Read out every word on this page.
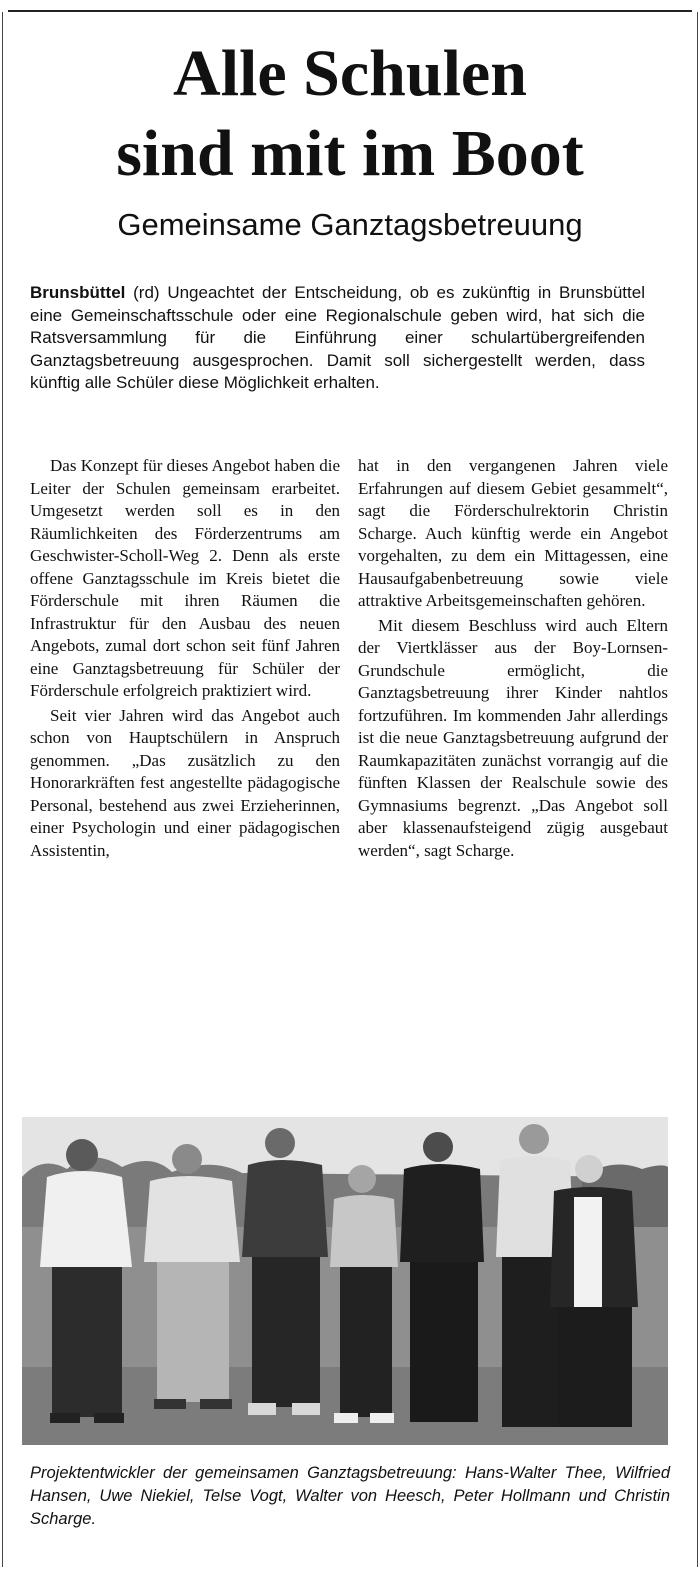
Alle Schulen
sind mit im Boot
Gemeinsame Ganztagsbetreuung
Brunsbüttel (rd) Ungeachtet der Entscheidung, ob es zukünftig in Brunsbüttel eine Gemeinschaftsschule oder eine Regionalschule geben wird, hat sich die Ratsversammlung für die Einführung einer schulartübergreifenden Ganztagsbetreuung ausgesprochen. Damit soll sichergestellt werden, dass künftig alle Schüler diese Möglichkeit erhalten.

Das Konzept für dieses Angebot haben die Leiter der Schulen gemeinsam erarbeitet. Umgesetzt werden soll es in den Räumlichkeiten des Förderzentrums am Geschwister-Scholl-Weg 2. Denn als erste offene Ganztagsschule im Kreis bietet die Förderschule mit ihren Räumen die Infrastruktur für den Ausbau des neuen Angebots, zumal dort schon seit fünf Jahren eine Ganztagsbetreuung für Schüler der Förderschule erfolgreich praktiziert wird.

Seit vier Jahren wird das Angebot auch schon von Hauptschülern in Anspruch genommen. „Das zusätzlich zu den Honorarkräften fest angestellte pädagogische Personal, bestehend aus zwei Erzieherinnen, einer Psychologin und einer pädagogischen Assistentin,

hat in den vergangenen Jahren viele Erfahrungen auf diesem Gebiet gesammelt“, sagt die Förderschulrektorin Christin Scharge. Auch künftig werde ein Angebot vorgehalten, zu dem ein Mittagessen, eine Hausaufgabenbetreuung sowie viele attraktive Arbeitsgemeinschaften gehören.

Mit diesem Beschluss wird auch Eltern der Viertklässer aus der Boy-Lornsen-Grundschule ermöglicht, die Ganztagsbetreuung ihrer Kinder nahtlos fortzuführen. Im kommenden Jahr allerdings ist die neue Ganztagsbetreuung aufgrund der Raumkapazitäten zunächst vorrangig auf die fünften Klassen der Realschule sowie des Gymnasiums begrenzt. „Das Angebot soll aber klassenaufsteigend zügig ausgebaut werden“, sagt Scharge.

Projektentwickler der gemeinsamen Ganztagsbetreuung: Hans-Walter Thee, Wilfried Hansen, Uwe Niekiel, Telse Vogt, Walter von Heesch, Peter Hollmann und Christin Scharge.
